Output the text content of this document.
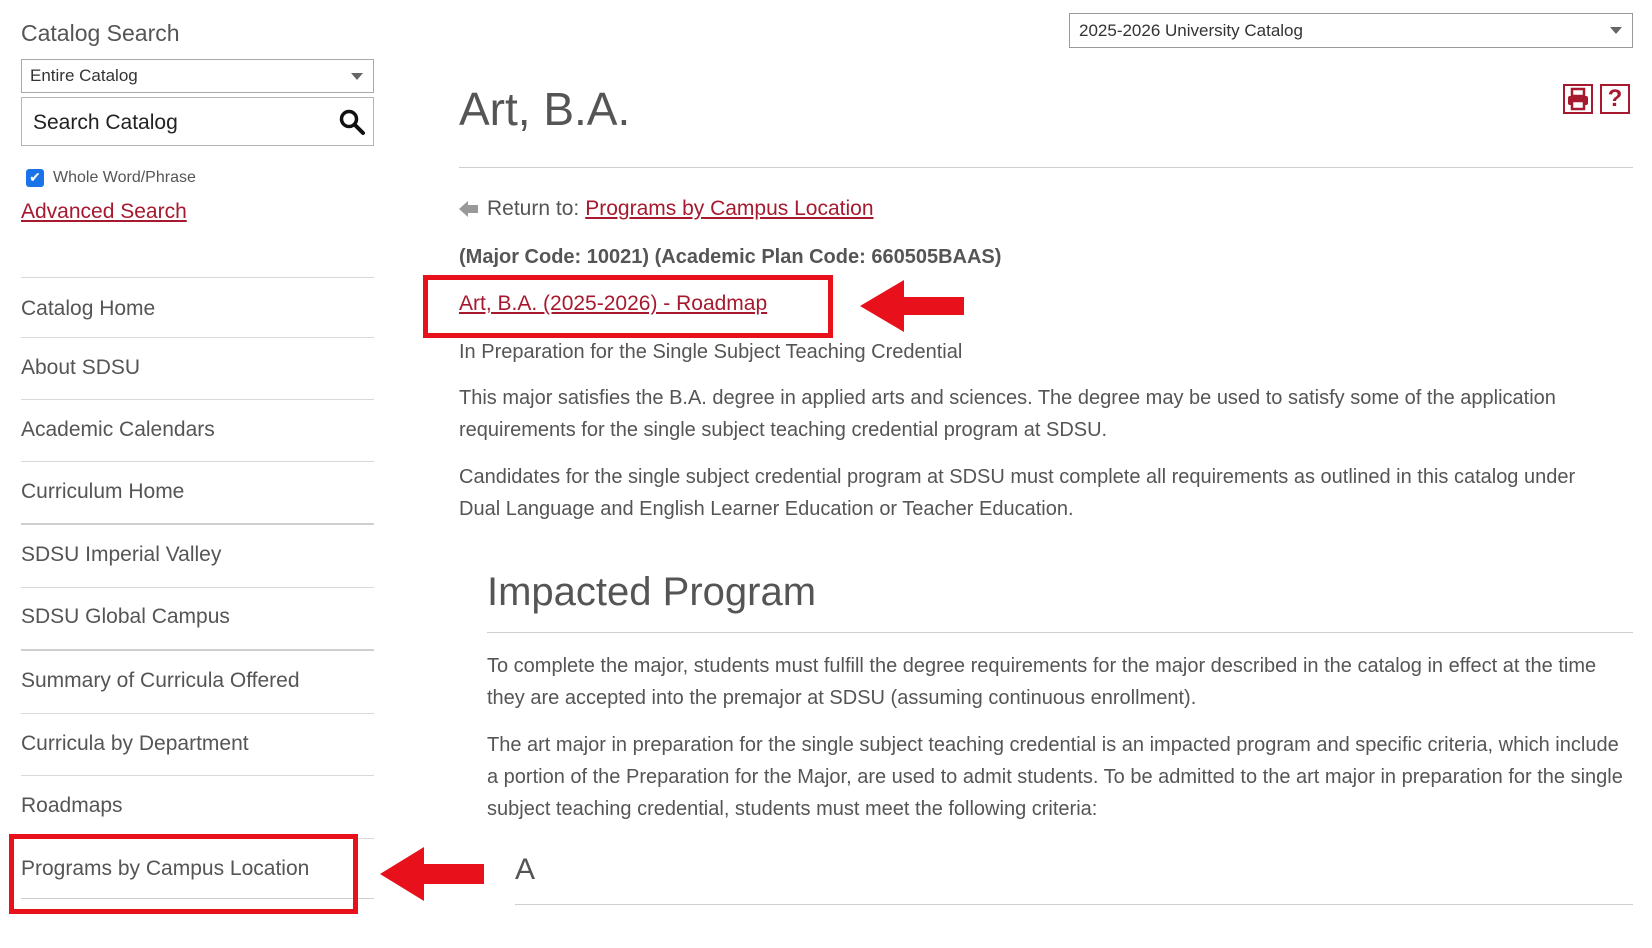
Catalog Search
Entire Catalog
Search Catalog
✔ Whole Word/Phrase
Advanced Search
Catalog Home
About SDSU
Academic Calendars
Curriculum Home
SDSU Imperial Valley
SDSU Global Campus
Summary of Curricula Offered
Curricula by Department
Roadmaps
Programs by Campus Location
2025-2026 University Catalog
Art, B.A.	?
Return to: Programs by Campus Location
(Major Code: 10021) (Academic Plan Code: 660505BAAS)
Art, B.A. (2025-2026) - Roadmap
In Preparation for the Single Subject Teaching Credential
This major satisfies the B.A. degree in applied arts and sciences. The degree may be used to satisfy some of the application requirements for the single subject teaching credential program at SDSU.
Candidates for the single subject credential program at SDSU must complete all requirements as outlined in this catalog under Dual Language and English Learner Education or Teacher Education.
Impacted Program
To complete the major, students must fulfill the degree requirements for the major described in the catalog in effect at the time they are accepted into the premajor at SDSU (assuming continuous enrollment).
The art major in preparation for the single subject teaching credential is an impacted program and specific criteria, which include a portion of the Preparation for the Major, are used to admit students. To be admitted to the art major in preparation for the single subject teaching credential, students must meet the following criteria:
A
